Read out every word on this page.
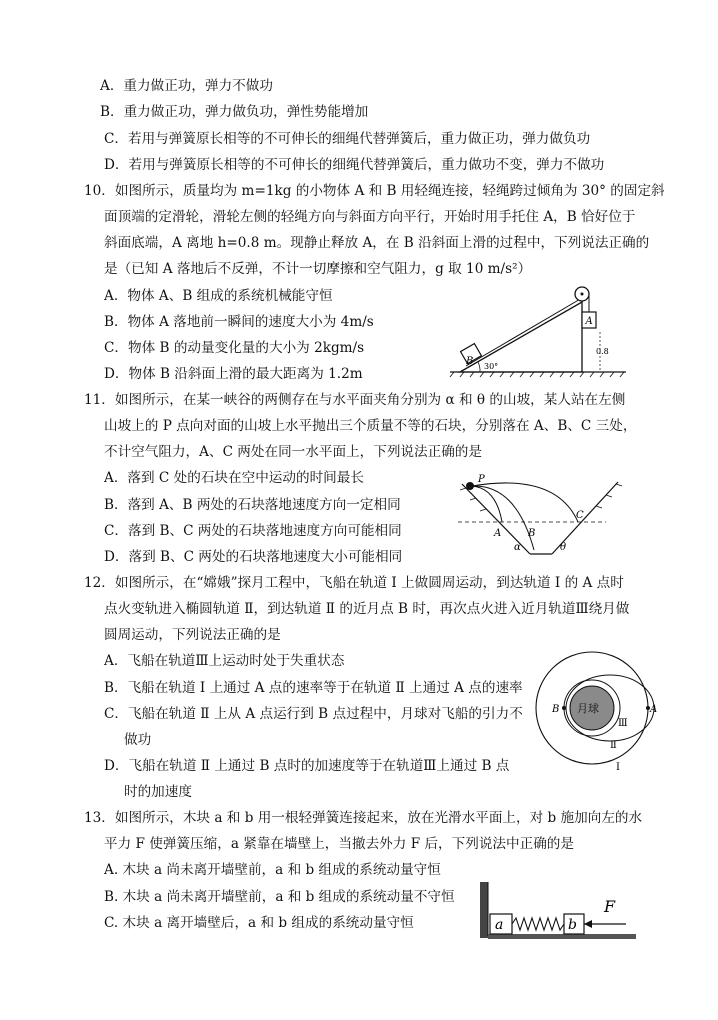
A．重力做正功，弹力不做功
B．重力做正功，弹力做负功，弹性势能增加
C．若用与弹簧原长相等的不可伸长的细绳代替弹簧后，重力做正功，弹力做负功
D．若用与弹簧原长相等的不可伸长的细绳代替弹簧后，重力做功不变，弹力不做功
10．如图所示，质量均为 m=1kg 的小物体 A 和 B 用轻绳连接，轻绳跨过倾角为 30° 的固定斜
面顶端的定滑轮，滑轮左侧的轻绳方向与斜面方向平行，开始时用手托住 A，B 恰好位于
斜面底端，A 离地 h=0.8 m。现静止释放 A，在 B 沿斜面上滑的过程中，下列说法正确的
是（已知 A 落地后不反弹，不计一切摩擦和空气阻力，g 取 10 m/s²）
A．物体 A、B 组成的系统机械能守恒
B．物体 A 落地前一瞬间的速度大小为 4m/s
C．物体 B 的动量变化量的大小为 2kgm/s
D．物体 B 沿斜面上滑的最大距离为 1.2m
A
0.8
B 30°
11．如图所示，在某一峡谷的两侧存在与水平面夹角分别为 α 和 θ 的山坡，某人站在左侧
山坡上的 P 点向对面的山坡上水平抛出三个质量不等的石块，分别落在 A、B、C 三处，
不计空气阻力，A、C 两处在同一水平面上，下列说法正确的是
A．落到 C 处的石块在空中运动的时间最长
B．落到 A、B 两处的石块落地速度方向一定相同
C．落到 B、C 两处的石块落地速度方向可能相同
D．落到 B、C 两处的石块落地速度大小可能相同
P
A	B
C
α	θ
12．如图所示，在“嫦娥”探月工程中，飞船在轨道 Ⅰ 上做圆周运动，到达轨道 Ⅰ 的 A 点时
点火变轨进入椭圆轨道 Ⅱ，到达轨道 Ⅱ 的近月点 B 时，再次点火进入近月轨道Ⅲ绕月做
圆周运动，下列说法正确的是
A．飞船在轨道Ⅲ上运动时处于失重状态
B．飞船在轨道 Ⅰ 上通过 A 点的速率等于在轨道 Ⅱ 上通过 A 点的速率
C．飞船在轨道 Ⅱ 上从 A 点运行到 B 点过程中，月球对飞船的引力不
做功
D．飞船在轨道 Ⅱ 上通过 B 点时的加速度等于在轨道Ⅲ上通过 B 点
时的加速度
月球
B	A
Ⅲ
Ⅱ
Ⅰ
13．如图所示，木块 a 和 b 用一根轻弹簧连接起来，放在光滑水平面上，对 b 施加向左的水
平力 F 使弹簧压缩，a 紧靠在墙壁上，当撤去外力 F 后，下列说法中正确的是
A. 木块 a 尚未离开墙壁前，a 和 b 组成的系统动量守恒
B. 木块 a 尚未离开墙壁前，a 和 b 组成的系统动量不守恒
C. 木块 a 离开墙壁后，a 和 b 组成的系统动量守恒	a	b
F
